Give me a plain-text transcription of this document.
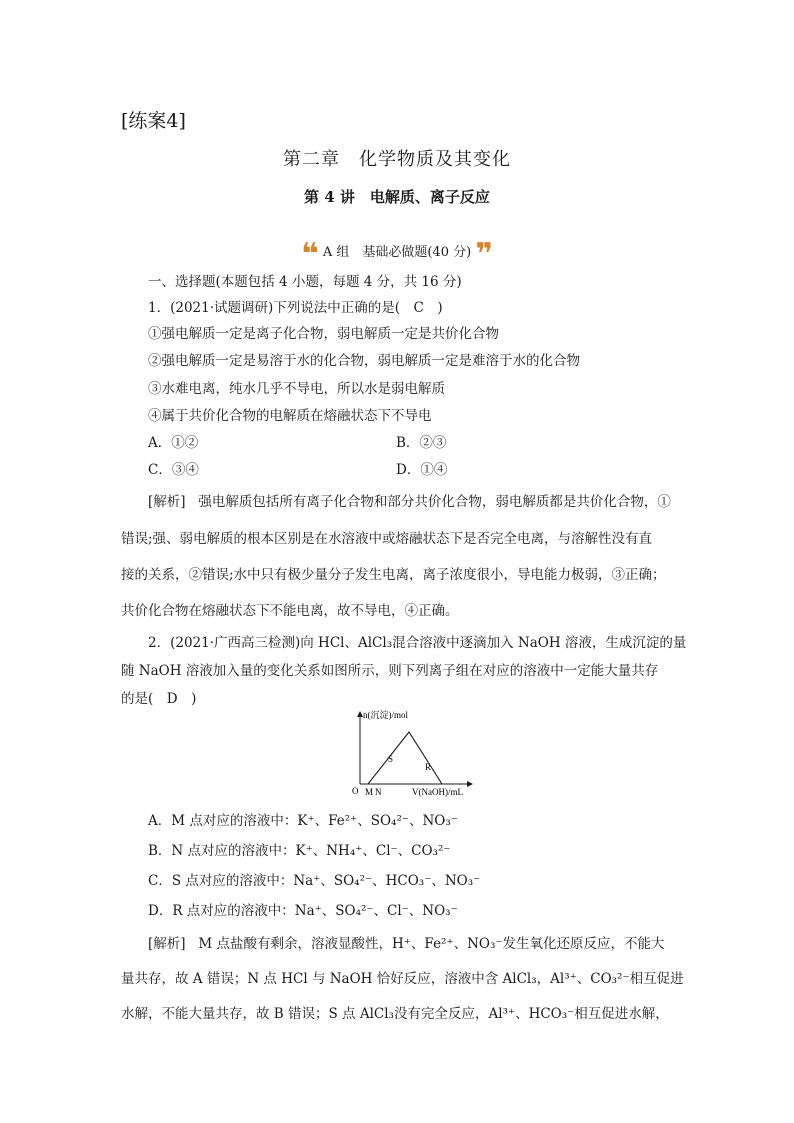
[练案4]
第二章　化学物质及其变化
第 4 讲　电解质、离子反应
❝ A 组　基础必做题(40 分) ❞
一、选择题(本题包括 4 小题，每题 4 分，共 16 分)
1．(2021·试题调研)下列说法中正确的是(　C　)
①强电解质一定是离子化合物，弱电解质一定是共价化合物
②强电解质一定是易溶于水的化合物，弱电解质一定是难溶于水的化合物
③水难电离，纯水几乎不导电，所以水是弱电解质
④属于共价化合物的电解质在熔融状态下不导电
A．①②	B．②③
C．③④	D．①④
[解析] 强电解质包括所有离子化合物和部分共价化合物，弱电解质都是共价化合物，①
错误;强、弱电解质的根本区别是在水溶液中或熔融状态下是否完全电离，与溶解性没有直
接的关系，②错误;水中只有极少量分子发生电离，离子浓度很小，导电能力极弱，③正确；
共价化合物在熔融状态下不能电离，故不导电，④正确。
2．(2021·广西高三检测)向 HCl、AlCl₃混合溶液中逐滴加入 NaOH 溶液，生成沉淀的量
随 NaOH 溶液加入量的变化关系如图所示，则下列离子组在对应的溶液中一定能大量共存
的是(　D　)
n(沉淀)/mol
V(NaOH)/mL
O M N
S
R
A．M 点对应的溶液中：K⁺、Fe²⁺、SO₄²⁻、NO₃⁻
B．N 点对应的溶液中：K⁺、NH₄⁺、Cl⁻、CO₃²⁻
C．S 点对应的溶液中：Na⁺、SO₄²⁻、HCO₃⁻、NO₃⁻
D．R 点对应的溶液中：Na⁺、SO₄²⁻、Cl⁻、NO₃⁻
[解析] M 点盐酸有剩余，溶液显酸性，H⁺、Fe²⁺、NO₃⁻发生氧化还原反应，不能大
量共存，故 A 错误；N 点 HCl 与 NaOH 恰好反应，溶液中含 AlCl₃，Al³⁺、CO₃²⁻相互促进
水解，不能大量共存，故 B 错误；S 点 AlCl₃没有完全反应，Al³⁺、HCO₃⁻相互促进水解，
